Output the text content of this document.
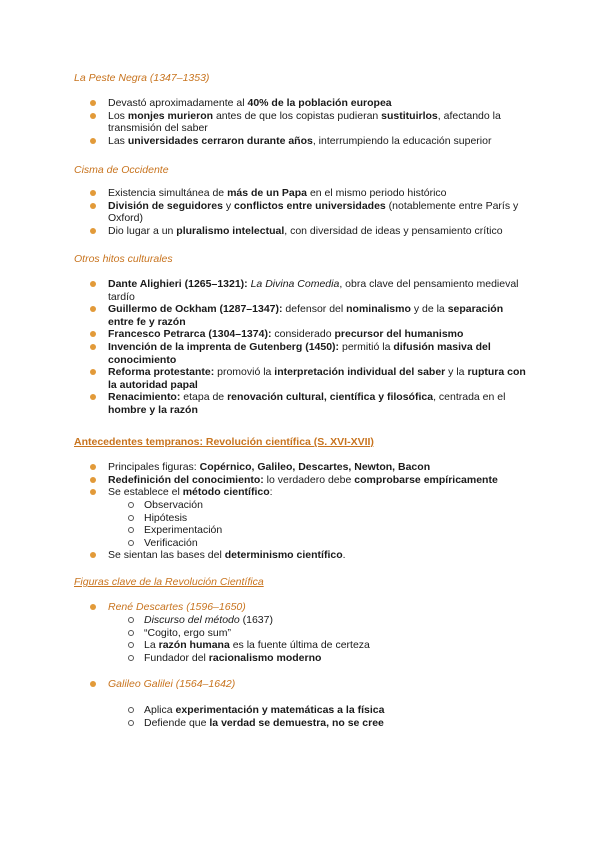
La Peste Negra (1347–1353)

Devastó aproximadamente al 40% de la población europea
Los monjes murieron antes de que los copistas pudieran sustituirlos, afectando la transmisión del saber
Las universidades cerraron durante años, interrumpiendo la educación superior

Cisma de Occidente

Existencia simultánea de más de un Papa en el mismo periodo histórico
División de seguidores y conflictos entre universidades (notablemente entre París y Oxford)
Dio lugar a un pluralismo intelectual, con diversidad de ideas y pensamiento crítico

Otros hitos culturales

Dante Alighieri (1265–1321): La Divina Comedia, obra clave del pensamiento medieval tardío
Guillermo de Ockham (1287–1347): defensor del nominalismo y de la separación entre fe y razón
Francesco Petrarca (1304–1374): considerado precursor del humanismo
Invención de la imprenta de Gutenberg (1450): permitió la difusión masiva del conocimiento
Reforma protestante: promovió la interpretación individual del saber y la ruptura con la autoridad papal
Renacimiento: etapa de renovación cultural, científica y filosófica, centrada en el hombre y la razón

Antecedentes tempranos: Revolución científica (S. XVI-XVII)

Principales figuras: Copérnico, Galileo, Descartes, Newton, Bacon
Redefinición del conocimiento: lo verdadero debe comprobarse empíricamente
Se establece el método científico:
Observación
Hipótesis
Experimentación
Verificación
Se sientan las bases del determinismo científico.

Figuras clave de la Revolución Científica

René Descartes (1596–1650)
Discurso del método (1637)
“Cogito, ergo sum”
La razón humana es la fuente última de certeza
Fundador del racionalismo moderno
Galileo Galilei (1564–1642)
Aplica experimentación y matemáticas a la física
Defiende que la verdad se demuestra, no se cree
